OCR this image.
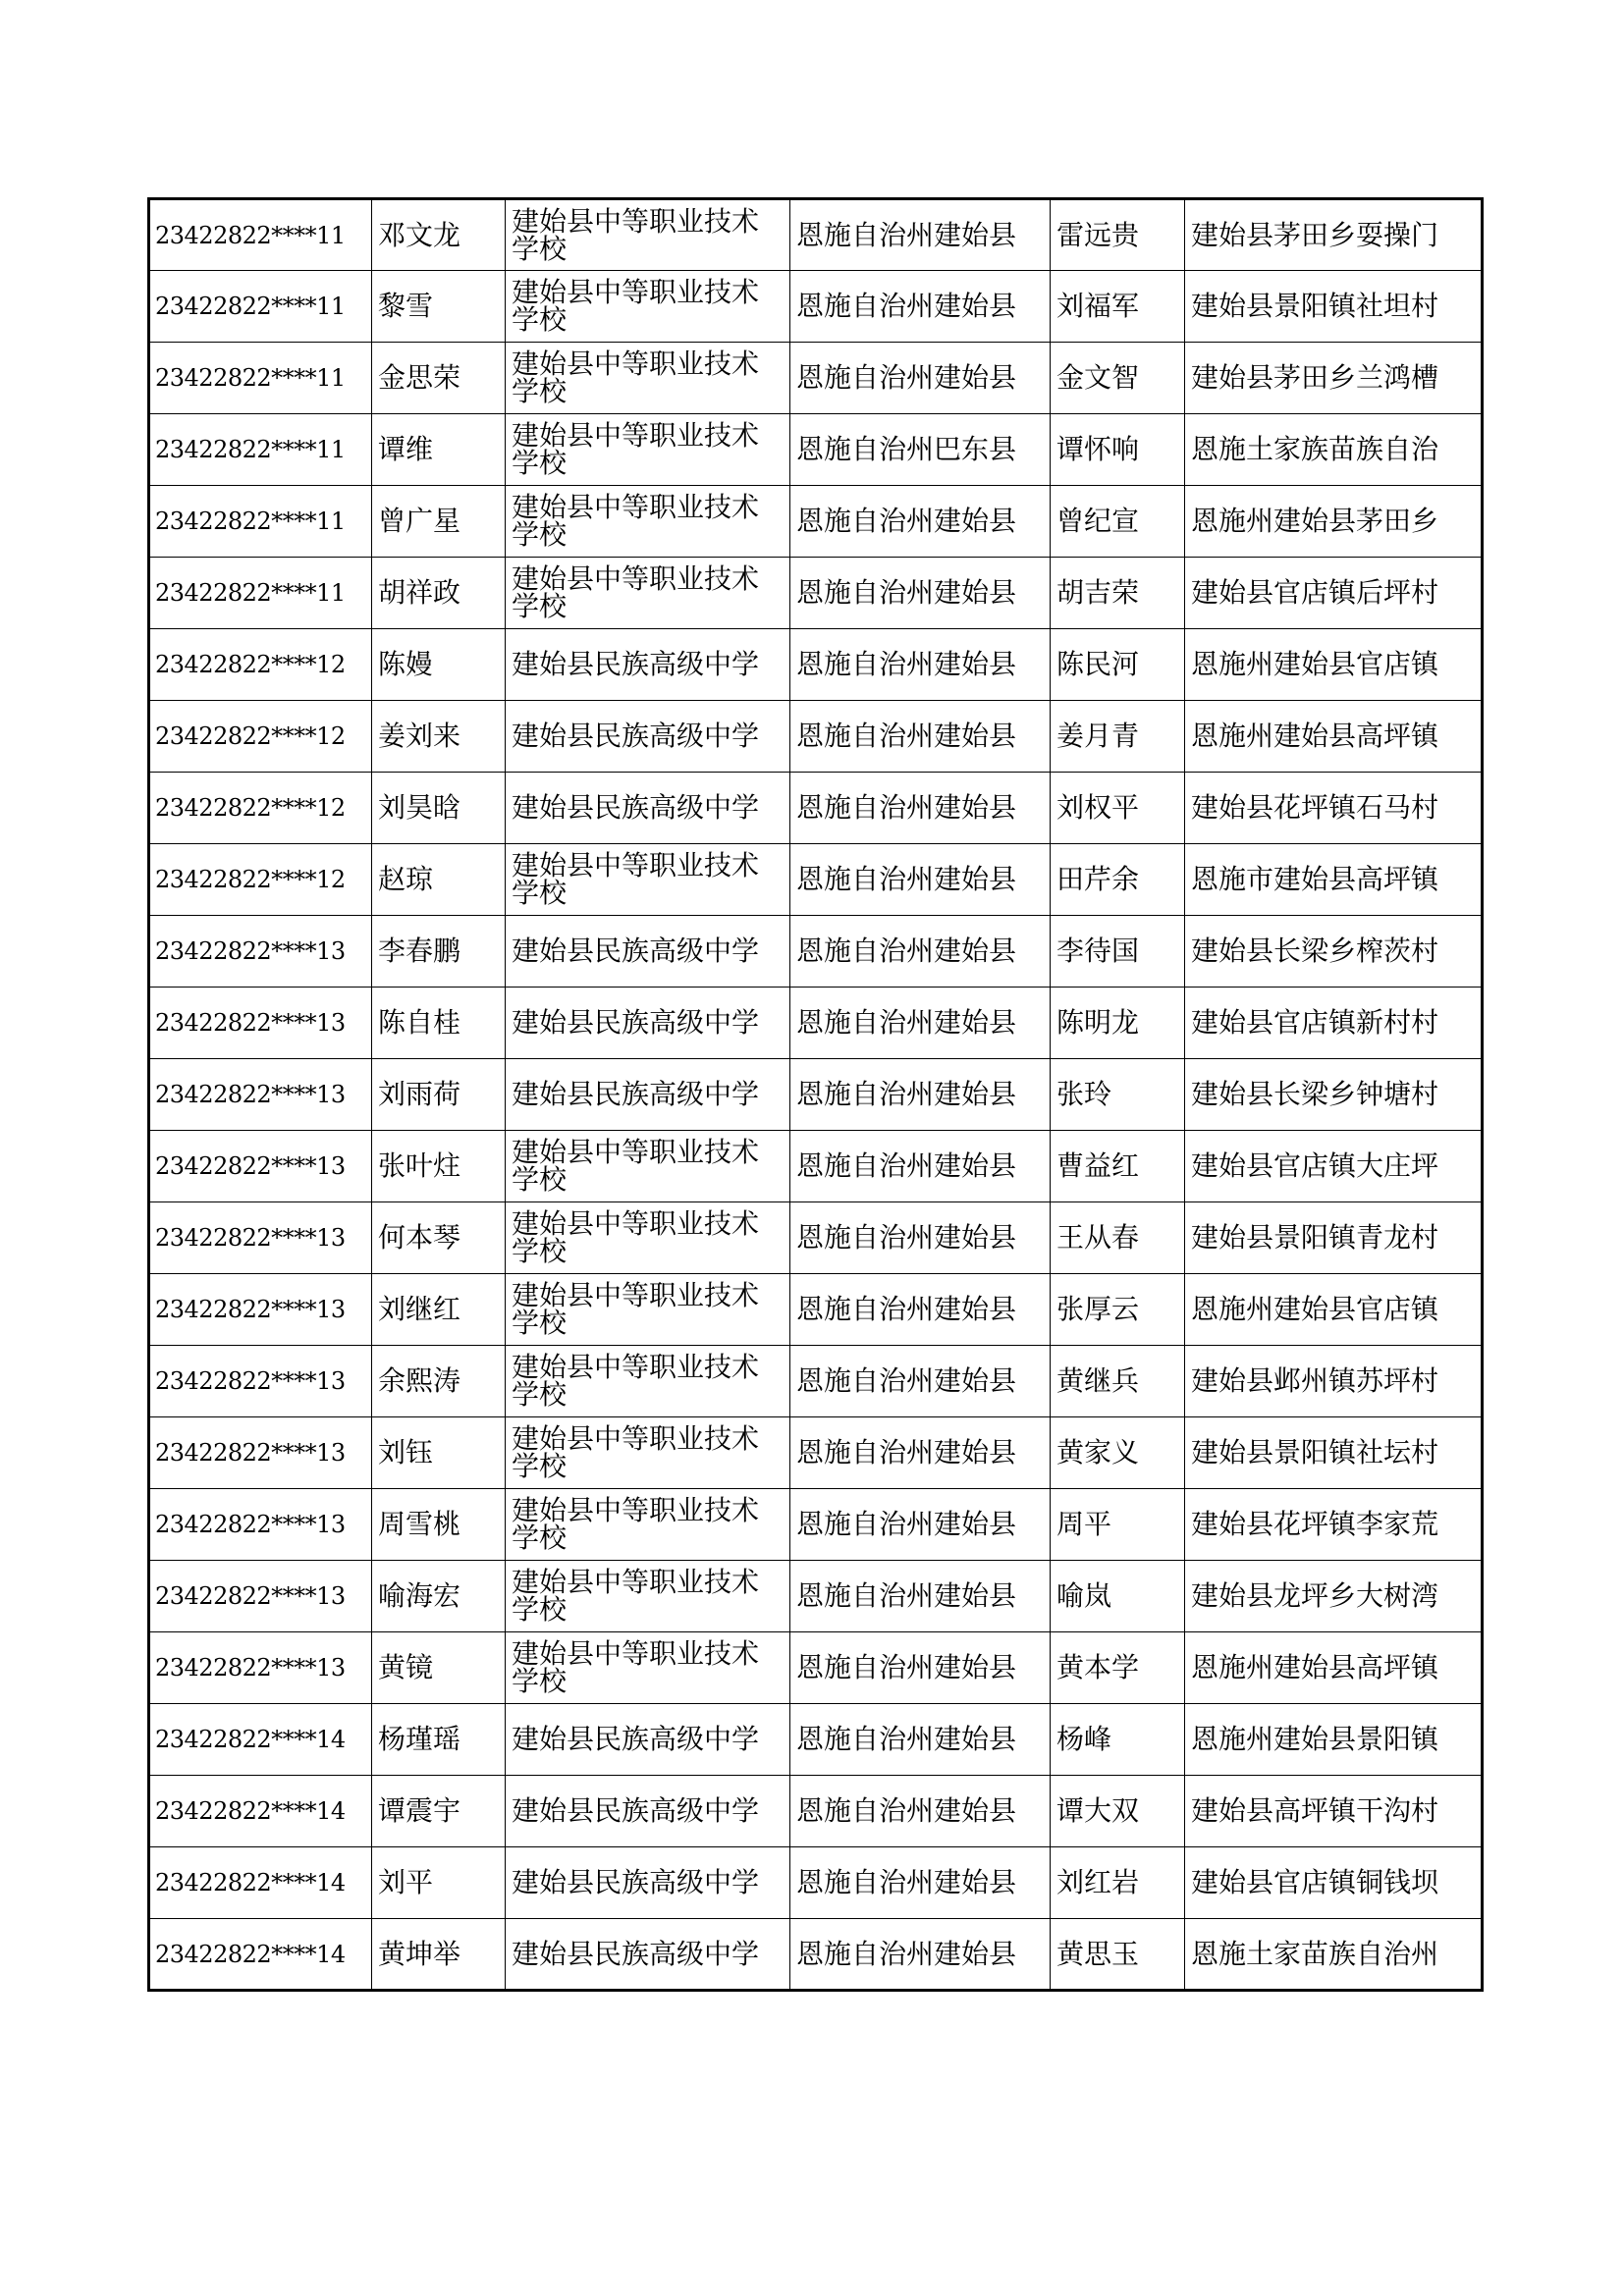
23422822****11	邓文龙	建始县中等职业技术学校	恩施自治州建始县	雷远贵	建始县茅田乡耍操门
23422822****11	黎雪	建始县中等职业技术学校	恩施自治州建始县	刘福军	建始县景阳镇社坦村
23422822****11	金思荣	建始县中等职业技术学校	恩施自治州建始县	金文智	建始县茅田乡兰鸿槽
23422822****11	谭维	建始县中等职业技术学校	恩施自治州巴东县	谭怀响	恩施土家族苗族自治
23422822****11	曾广星	建始县中等职业技术学校	恩施自治州建始县	曾纪宣	恩施州建始县茅田乡
23422822****11	胡祥政	建始县中等职业技术学校	恩施自治州建始县	胡吉荣	建始县官店镇后坪村
23422822****12	陈嫚	建始县民族高级中学	恩施自治州建始县	陈民河	恩施州建始县官店镇
23422822****12	姜刘来	建始县民族高级中学	恩施自治州建始县	姜月青	恩施州建始县高坪镇
23422822****12	刘昊晗	建始县民族高级中学	恩施自治州建始县	刘权平	建始县花坪镇石马村
23422822****12	赵琼	建始县中等职业技术学校	恩施自治州建始县	田芹余	恩施市建始县高坪镇
23422822****13	李春鹏	建始县民族高级中学	恩施自治州建始县	李待国	建始县长梁乡榨茨村
23422822****13	陈自桂	建始县民族高级中学	恩施自治州建始县	陈明龙	建始县官店镇新村村
23422822****13	刘雨荷	建始县民族高级中学	恩施自治州建始县	张玲	建始县长梁乡钟塘村
23422822****13	张叶炷	建始县中等职业技术学校	恩施自治州建始县	曹益红	建始县官店镇大庄坪
23422822****13	何本琴	建始县中等职业技术学校	恩施自治州建始县	王从春	建始县景阳镇青龙村
23422822****13	刘继红	建始县中等职业技术学校	恩施自治州建始县	张厚云	恩施州建始县官店镇
23422822****13	余熙涛	建始县中等职业技术学校	恩施自治州建始县	黄继兵	建始县邺州镇苏坪村
23422822****13	刘钰	建始县中等职业技术学校	恩施自治州建始县	黄家义	建始县景阳镇社坛村
23422822****13	周雪桃	建始县中等职业技术学校	恩施自治州建始县	周平	建始县花坪镇李家荒
23422822****13	喻海宏	建始县中等职业技术学校	恩施自治州建始县	喻岚	建始县龙坪乡大树湾
23422822****13	黄镜	建始县中等职业技术学校	恩施自治州建始县	黄本学	恩施州建始县高坪镇
23422822****14	杨瑾瑶	建始县民族高级中学	恩施自治州建始县	杨峰	恩施州建始县景阳镇
23422822****14	谭震宇	建始县民族高级中学	恩施自治州建始县	谭大双	建始县高坪镇干沟村
23422822****14	刘平	建始县民族高级中学	恩施自治州建始县	刘红岩	建始县官店镇铜钱坝
23422822****14	黄坤举	建始县民族高级中学	恩施自治州建始县	黄思玉	恩施土家苗族自治州
